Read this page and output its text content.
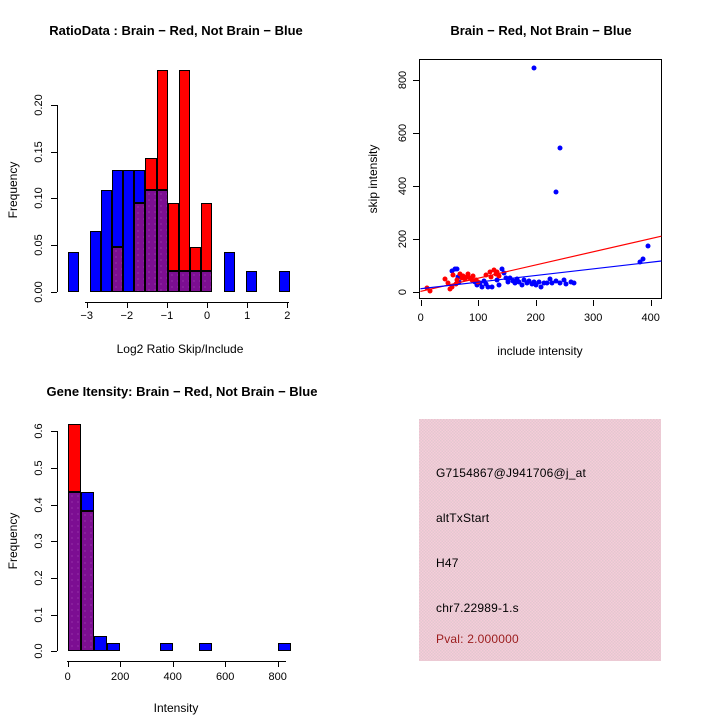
RatioData : Brain − Red, Not Brain − Blue
Log2 Ratio Skip/Include
Frequency
0.00
0.05
0.10
0.15
0.20
−3	−2	−1	0	1	2
Brain − Red, Not Brain − Blue
include intensity
skip intensity
0	100	200	300	400
0
200
400
600
800
Gene Itensity: Brain − Red, Not Brain − Blue
Intensity
Frequency
0.0
0.1
0.2
0.3
0.4
0.5
0.6
0	200	400	600	800
G7154867@J941706@j_at
altTxStart
H47
chr7.22989-1.s
Pval: 2.000000
